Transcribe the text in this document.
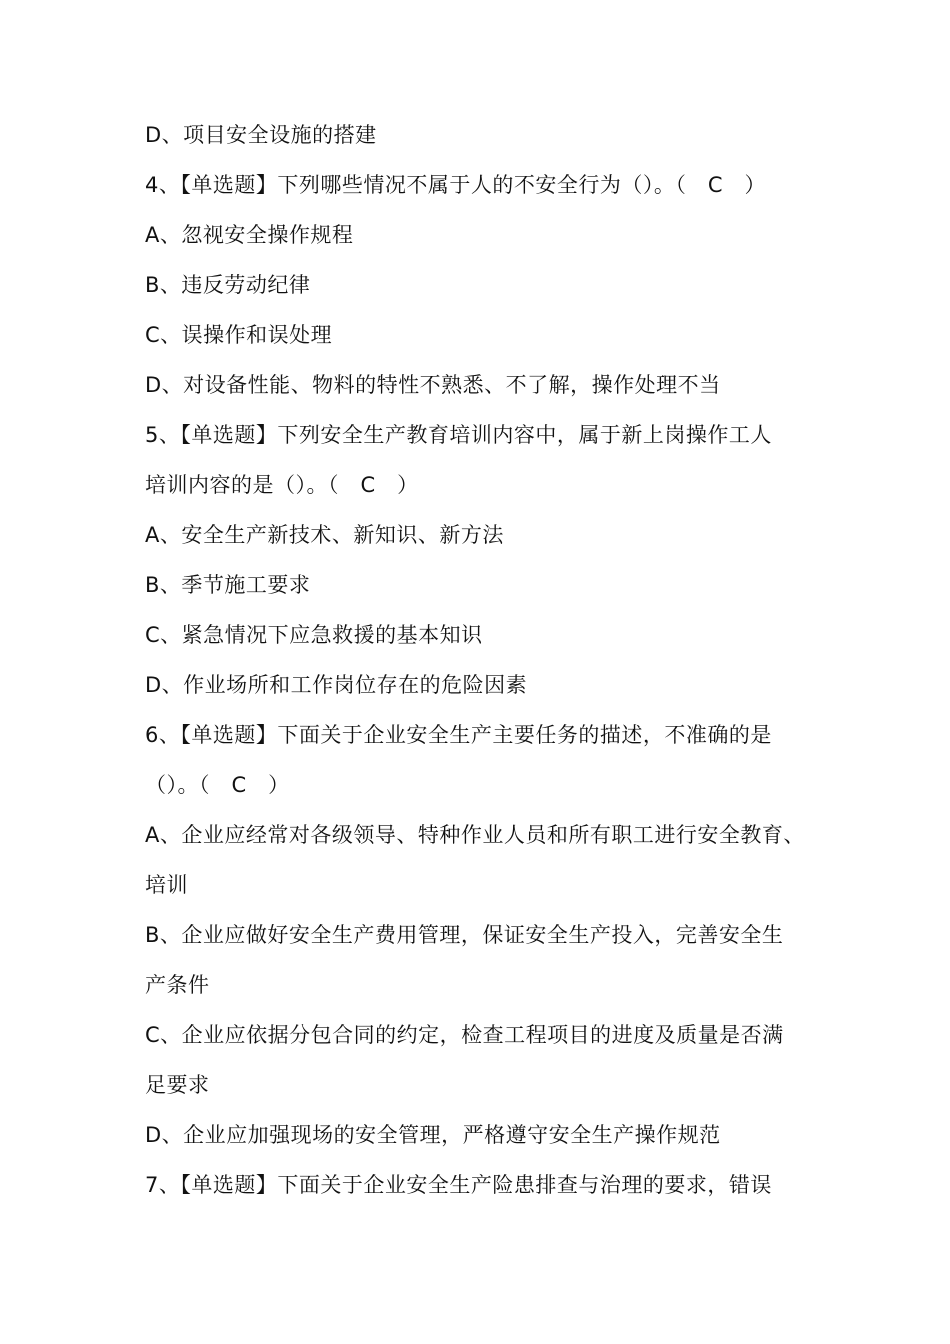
D、项目安全设施的搭建
4、【单选题】下列哪些情况不属于人的不安全行为（）。（　C　）
A、忽视安全操作规程
B、违反劳动纪律
C、误操作和误处理
D、对设备性能、物料的特性不熟悉、不了解，操作处理不当
5、【单选题】下列安全生产教育培训内容中，属于新上岗操作工人
培训内容的是（）。（　C　）
A、安全生产新技术、新知识、新方法
B、季节施工要求
C、紧急情况下应急救援的基本知识
D、作业场所和工作岗位存在的危险因素
6、【单选题】下面关于企业安全生产主要任务的描述，不准确的是
（）。（　C　）
A、企业应经常对各级领导、特种作业人员和所有职工进行安全教育、
培训
B、企业应做好安全生产费用管理，保证安全生产投入，完善安全生
产条件
C、企业应依据分包合同的约定，检查工程项目的进度及质量是否满
足要求
D、企业应加强现场的安全管理，严格遵守安全生产操作规范
7、【单选题】下面关于企业安全生产险患排查与治理的要求，错误
